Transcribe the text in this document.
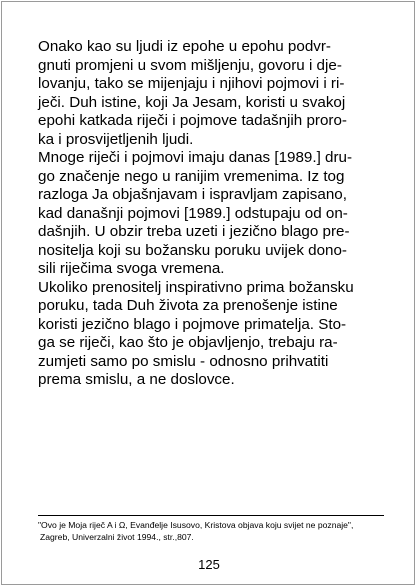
Onako kao su ljudi iz epohe u epohu podvr-
gnuti promjeni u svom mišljenju, govoru i dje-
lovanju, tako se mijenjaju i njihovi pojmovi i ri-
ječi. Duh istine, koji Ja Jesam, koristi u svakoj
epohi katkada riječi i pojmove tadašnjih proro-
ka i prosvijetljenih ljudi.
Mnoge riječi i pojmovi imaju danas [1989.] dru-
go značenje nego u ranijim vremenima. Iz tog
razloga Ja objašnjavam i ispravljam zapisano,
kad današnji pojmovi [1989.] odstupaju od on-
dašnjih. U obzir treba uzeti i jezično blago pre-
nositelja koji su božansku poruku uvijek dono-
sili riječima svoga vremena.
Ukoliko prenositelj inspirativno prima božansku
poruku, tada Duh života za prenošenje istine
koristi jezično blago i pojmove primatelja. Sto-
ga se riječi, kao što je objavljenjo, trebaju ra-
zumjeti samo po smislu - odnosno prihvatiti
prema smislu, a ne doslovce.
"Ovo je Moja riječ A i Ω, Evanđelje Isusovo, Kristova objava koju svijet ne poznaje",
Zagreb, Univerzalni život 1994., str.,807.
125
